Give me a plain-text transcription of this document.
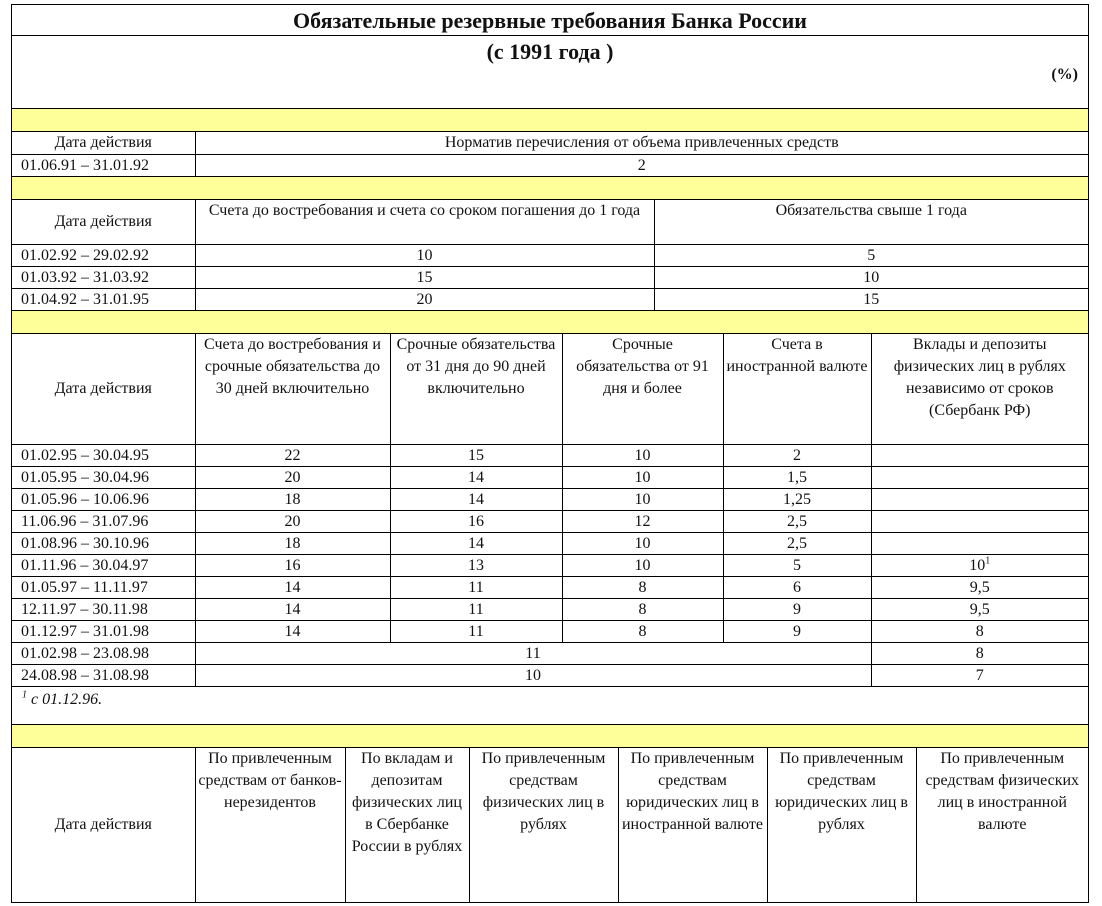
Обязательные резервные требования Банка России
(с 1991 года )
(%)
Дата действия	Норматив перечисления от объема привлеченных средств
01.06.91 – 31.01.92	2
Дата действия	Счета до востребования и счета со сроком погашения до 1 года	Обязательства свыше 1 года
01.02.92 – 29.02.92	10	5
01.03.92 – 31.03.92	15	10
01.04.92 – 31.01.95	20	15
Дата действия	Счета до востребования и срочные обязательства до 30 дней включительно	Срочные обязательства от 31 дня до 90 дней включительно	Срочные обязательства от 91 дня и более	Счета в иностранной валюте	Вклады и депозиты физических лиц в рублях независимо от сроков (Сбербанк РФ)
01.02.95 – 30.04.95	22	15	10	2	
01.05.95 – 30.04.96	20	14	10	1,5	
01.05.96 – 10.06.96	18	14	10	1,25	
11.06.96 – 31.07.96	20	16	12	2,5	
01.08.96 – 30.10.96	18	14	10	2,5	
01.11.96 – 30.04.97	16	13	10	5	$10^1$
01.05.97 – 11.11.97	14	11	8	6	9,5
12.11.97 – 30.11.98	14	11	8	9	9,5
01.12.97 – 31.01.98	14	11	8	9	8
01.02.98 – 23.08.98	11				8
24.08.98 – 31.08.98	10				7
$^1$ с 01.12.96.
Дата действия	По привлеченным средствам от банков-нерезидентов	По вкладам и депозитам физических лиц в Сбербанке России в рублях	По привлеченным средствам физических лиц в рублях	По привлеченным средствам юридических лиц в иностранной валюте	По привлеченным средствам юридических лиц в рублях	По привлеченным средствам физических лиц в иностранной валюте
